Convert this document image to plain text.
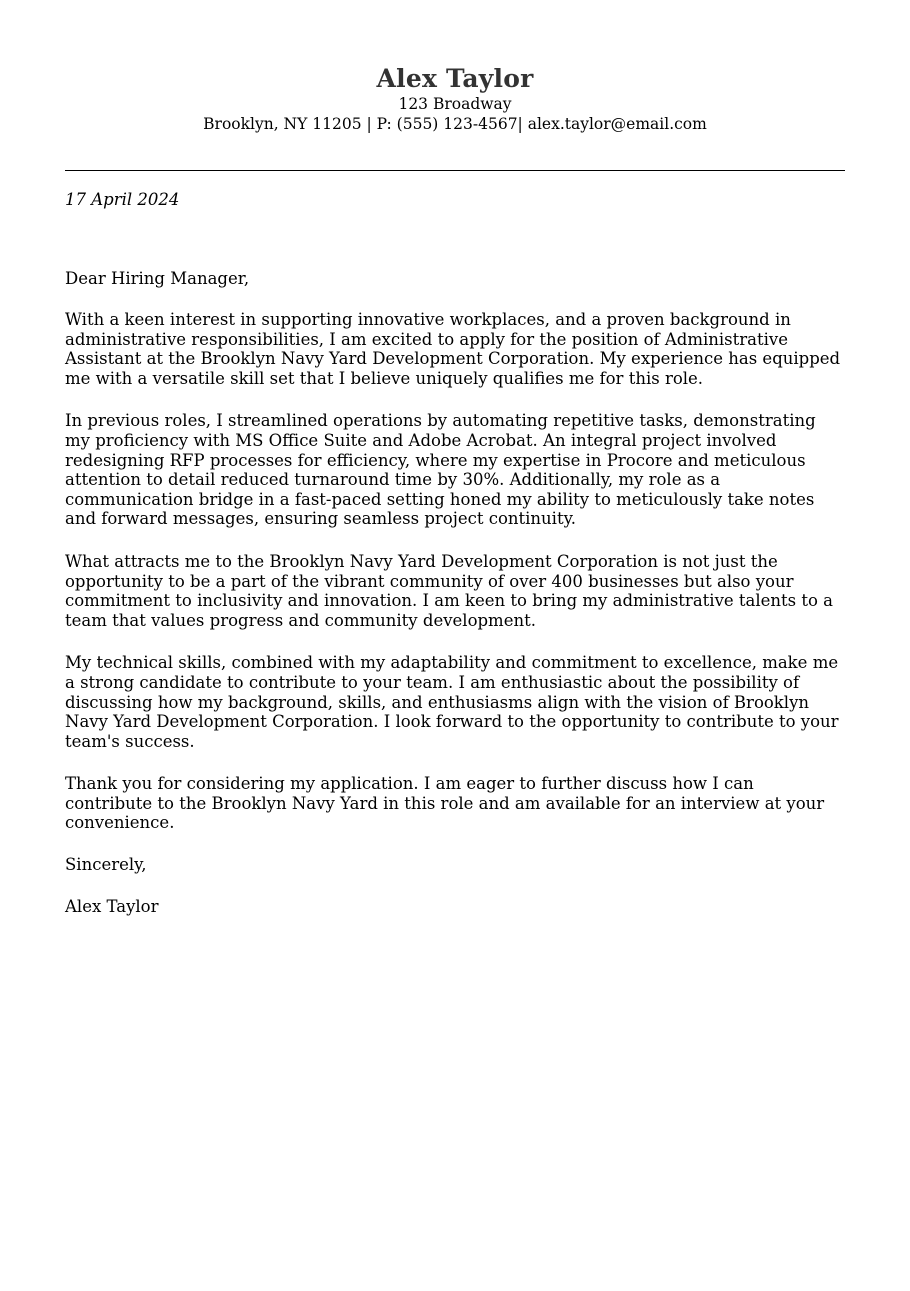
Alex Taylor
123 Broadway
Brooklyn, NY 11205 | P: (555) 123-4567| alex.taylor@email.com
17 April 2024
Dear Hiring Manager,

With a keen interest in supporting innovative workplaces, and a proven background in administrative responsibilities, I am excited to apply for the position of Administrative Assistant at the Brooklyn Navy Yard Development Corporation. My experience has equipped me with a versatile skill set that I believe uniquely qualifies me for this role.

In previous roles, I streamlined operations by automating repetitive tasks, demonstrating my proficiency with MS Office Suite and Adobe Acrobat. An integral project involved redesigning RFP processes for efficiency, where my expertise in Procore and meticulous attention to detail reduced turnaround time by 30%. Additionally, my role as a communication bridge in a fast-paced setting honed my ability to meticulously take notes and forward messages, ensuring seamless project continuity.

What attracts me to the Brooklyn Navy Yard Development Corporation is not just the opportunity to be a part of the vibrant community of over 400 businesses but also your commitment to inclusivity and innovation. I am keen to bring my administrative talents to a team that values progress and community development.

My technical skills, combined with my adaptability and commitment to excellence, make me a strong candidate to contribute to your team. I am enthusiastic about the possibility of discussing how my background, skills, and enthusiasms align with the vision of Brooklyn Navy Yard Development Corporation. I look forward to the opportunity to contribute to your team's success.

Thank you for considering my application. I am eager to further discuss how I can contribute to the Brooklyn Navy Yard in this role and am available for an interview at your convenience.

Sincerely,
Alex Taylor
